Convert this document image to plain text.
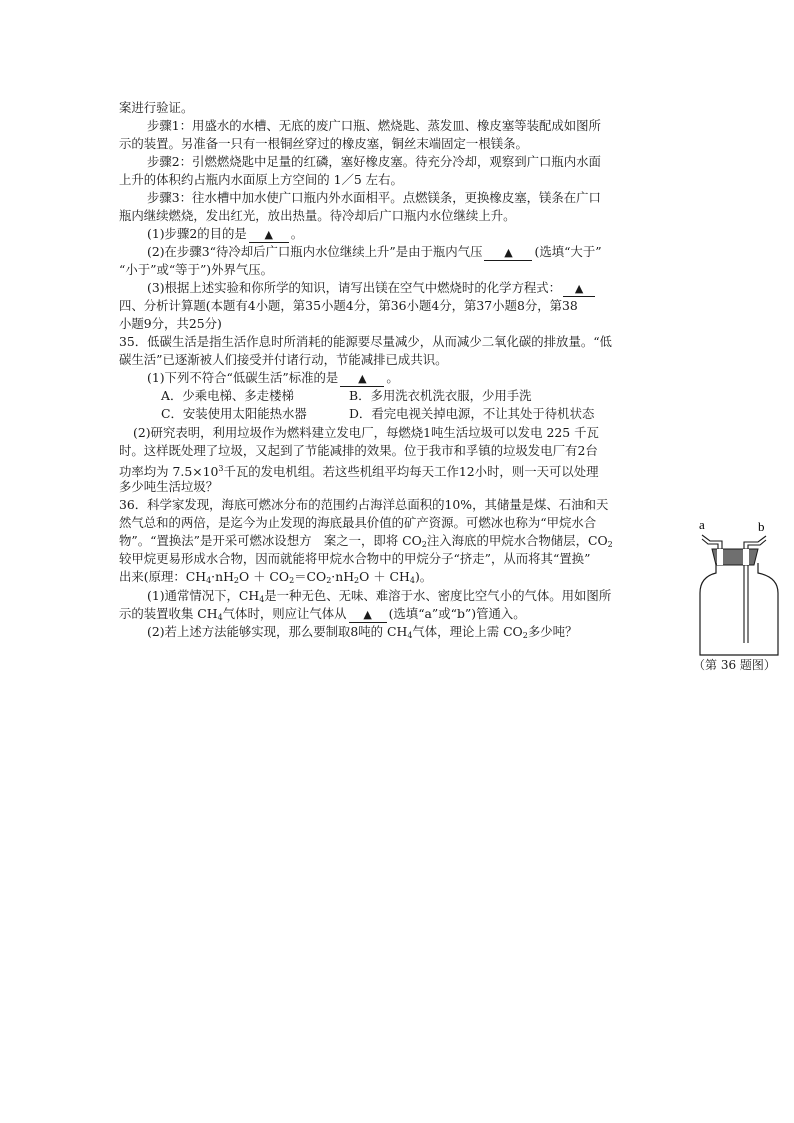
案进行验证。
步骤1：用盛水的水槽、无底的废广口瓶、燃烧匙、蒸发皿、橡皮塞等装配成如图所
示的装置。另准备一只有一根铜丝穿过的橡皮塞，铜丝末端固定一根镁条。
步骤2：引燃燃烧匙中足量的红磷，塞好橡皮塞。待充分冷却，观察到广口瓶内水面
上升的体积约占瓶内水面原上方空间的 1／5 左右。
步骤3：往水槽中加水使广口瓶内外水面相平。点燃镁条，更换橡皮塞，镁条在广口
瓶内继续燃烧，发出红光，放出热量。待冷却后广口瓶内水位继续上升。
(1)步骤2的目的是 ▲ 。
(2)在步骤3“待冷却后广口瓶内水位继续上升”是由于瓶内气压 ▲ (选填“大于”
“小于”或“等于”)外界气压。
(3)根据上述实验和你所学的知识，请写出镁在空气中燃烧时的化学方程式： ▲
四、分析计算题(本题有4小题，第35小题4分，第36小题4分，第37小题8分，第38
小题9分，共25分)
35．低碳生活是指生活作息时所消耗的能源要尽量减少，从而减少二氧化碳的排放量。“低
碳生活”已逐渐被人们接受并付诸行动，节能减排已成共识。
(1)下列不符合“低碳生活”标准的是 ▲ 。
A．少乘电梯、多走楼梯	B．多用洗衣机洗衣服，少用手洗
C．安装使用太阳能热水器	D．看完电视关掉电源，不让其处于待机状态
(2)研究表明，利用垃圾作为燃料建立发电厂，每燃烧1吨生活垃圾可以发电 225 千瓦
时。这样既处理了垃圾，又起到了节能减排的效果。位于我市和孚镇的垃圾发电厂有2台
功率均为 $7.5\times 10^3$千瓦的发电机组。若这些机组平均每天工作12小时，则一天可以处理
多少吨生活垃圾？
36．科学家发现，海底可燃冰分布的范围约占海洋总面积的10%，其储量是煤、石油和天
然气总和的两倍，是迄今为止发现的海底最具价值的矿产资源。可燃冰也称为“甲烷水合
物”。“置换法”是开采可燃冰设想方　案之一，即将 $CO_2$注入海底的甲烷水合物储层，$CO_2$
较甲烷更易形成水合物，因而就能将甲烷水合物中的甲烷分子“挤走”，从而将其“置换”
出来(原理：$CH_4\cdot nH_2O + CO_2=CO_2\cdot nH_2O + CH_4$)。
(1)通常情况下，$CH_4$是一种无色、无味、难溶于水、密度比空气小的气体。用如图所
示的装置收集 $CH_4$气体时，则应让气体从 ▲ (选填“a”或“b”)管通入。
(2)若上述方法能够实现，那么要制取8吨的 $CH_4$气体，理论上需 $CO_2$多少吨？
a	b
（第 36 题图）
